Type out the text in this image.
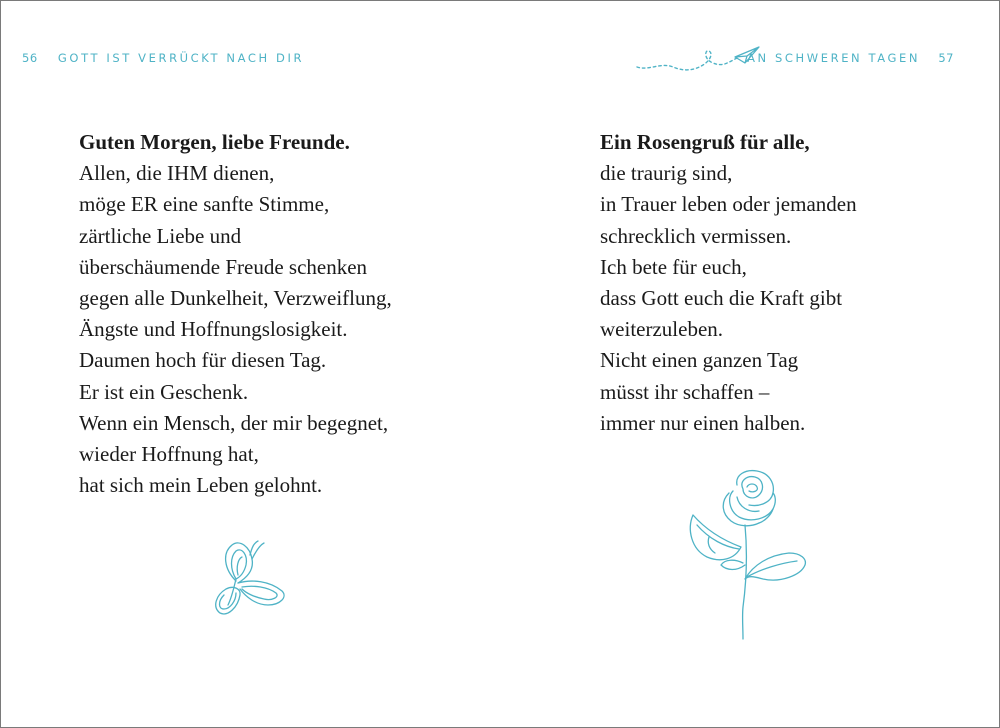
56 GOTT IST VERRÜCKT NACH DIR	AN SCHWEREN TAGEN 57
Guten Morgen, liebe Freunde.
Allen, die IHM dienen,
möge ER eine sanfte Stimme,
zärtliche Liebe und
überschäumende Freude schenken
gegen alle Dunkelheit, Verzweiflung,
Ängste und Hoffnungslosigkeit.
Daumen hoch für diesen Tag.
Er ist ein Geschenk.
Wenn ein Mensch, der mir begegnet,
wieder Hoffnung hat,
hat sich mein Leben gelohnt.
Ein Rosengruß für alle,
die traurig sind,
in Trauer leben oder jemanden
schrecklich vermissen.
Ich bete für euch,
dass Gott euch die Kraft gibt
weiterzuleben.
Nicht einen ganzen Tag
müsst ihr schaffen –
immer nur einen halben.
